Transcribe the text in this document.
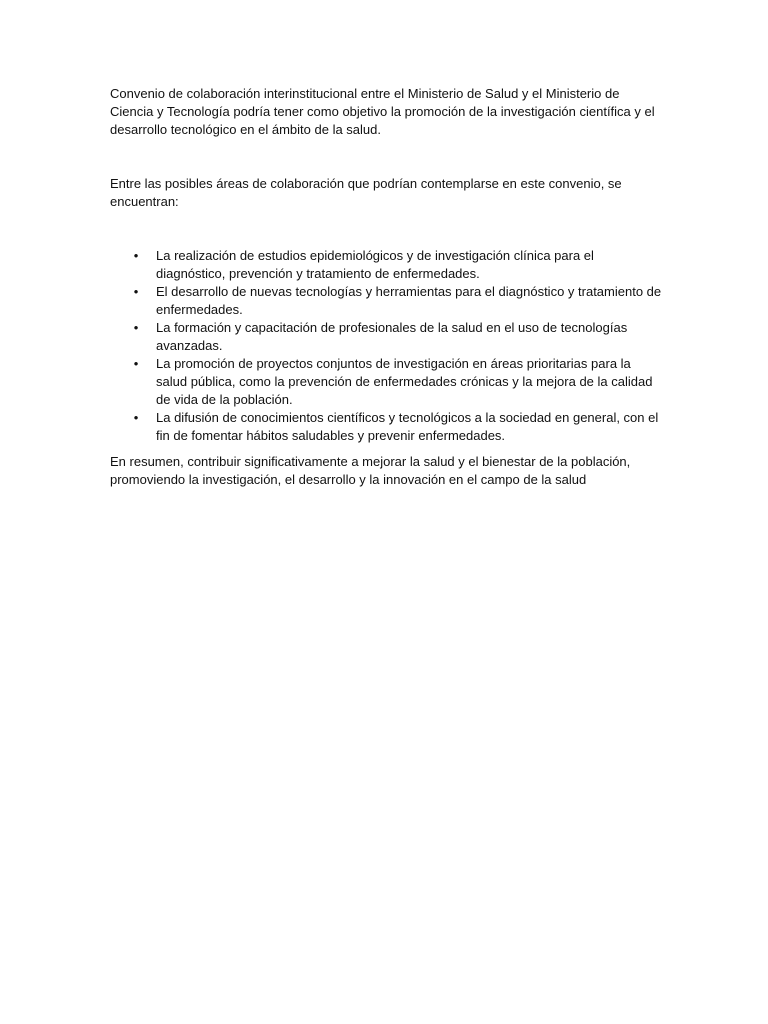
Convenio de colaboración interinstitucional entre el Ministerio de Salud y el Ministerio de Ciencia y Tecnología podría tener como objetivo la promoción de la investigación científica y el desarrollo tecnológico en el ámbito de la salud.

Entre las posibles áreas de colaboración que podrían contemplarse en este convenio, se encuentran:

• La realización de estudios epidemiológicos y de investigación clínica para el diagnóstico, prevención y tratamiento de enfermedades.
• El desarrollo de nuevas tecnologías y herramientas para el diagnóstico y tratamiento de enfermedades.
• La formación y capacitación de profesionales de la salud en el uso de tecnologías avanzadas.
• La promoción de proyectos conjuntos de investigación en áreas prioritarias para la salud pública, como la prevención de enfermedades crónicas y la mejora de la calidad de vida de la población.
• La difusión de conocimientos científicos y tecnológicos a la sociedad en general, con el fin de fomentar hábitos saludables y prevenir enfermedades.

En resumen, contribuir significativamente a mejorar la salud y el bienestar de la población, promoviendo la investigación, el desarrollo y la innovación en el campo de la salud
